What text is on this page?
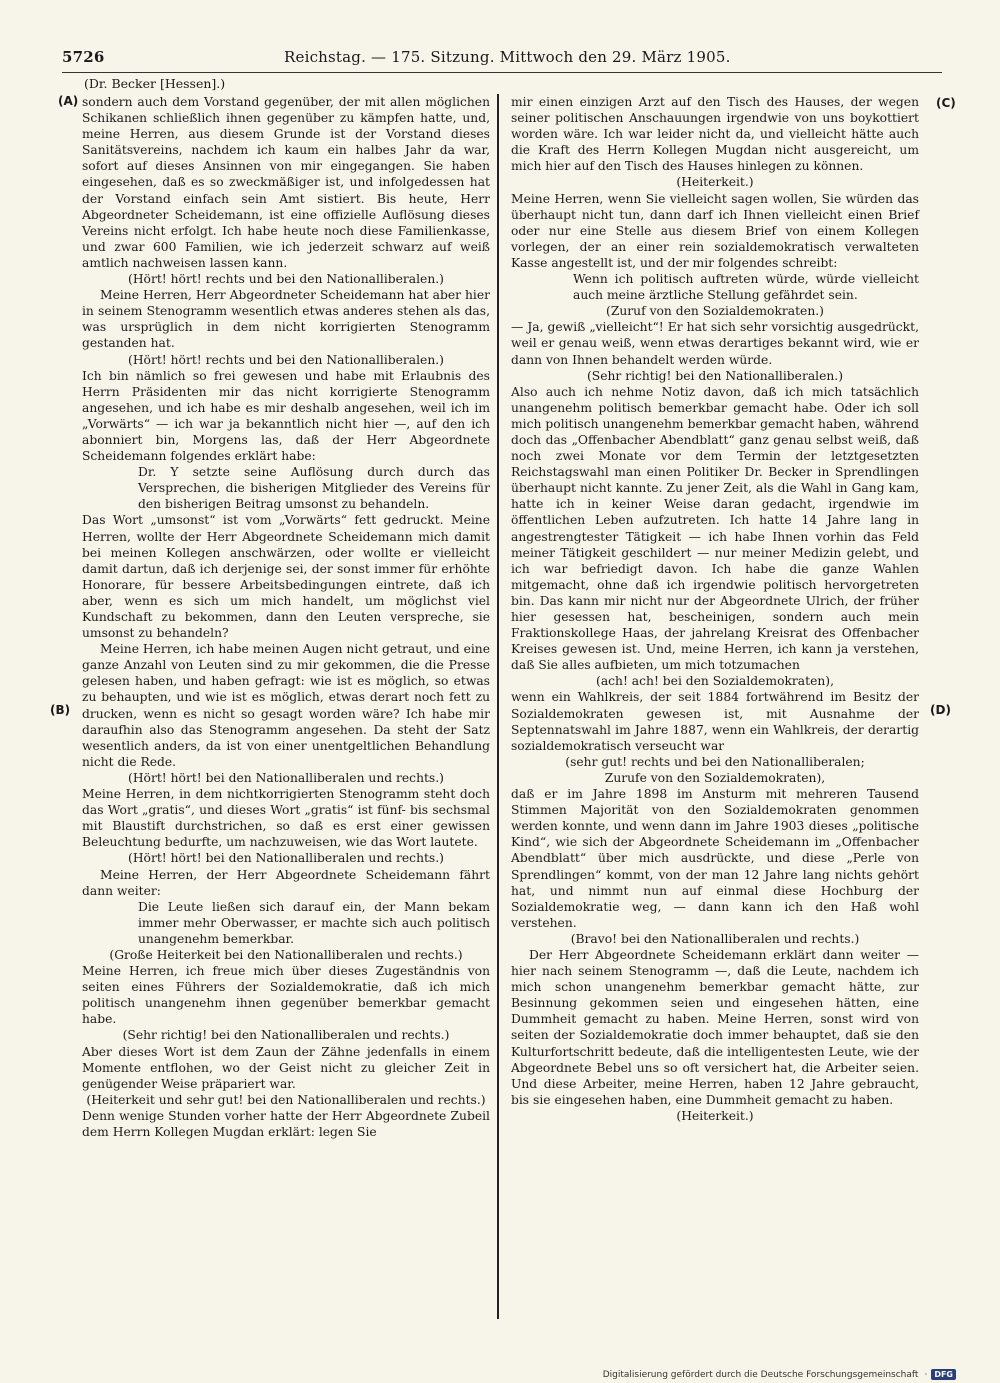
5726	Reichstag. — 175. Sitzung. Mittwoch den 29. März 1905.
(Dr. Becker [Hessen].)
(A)
(B)
(C)
(D)

sondern auch dem Vorstand gegenüber, der mit allen möglichen Schikanen schließlich ihnen gegenüber zu kämpfen hatte, und, meine Herren, aus diesem Grunde ist der Vorstand dieses Sanitätsvereins, nachdem ich kaum ein halbes Jahr da war, sofort auf dieses Ansinnen von mir eingegangen. Sie haben eingesehen, daß es so zweckmäßiger ist, und infolgedessen hat der Vorstand einfach sein Amt sistiert. Bis heute, Herr Abgeordneter Scheidemann, ist eine offizielle Auflösung dieses Vereins nicht erfolgt. Ich habe heute noch diese Familienkasse, und zwar 600 Familien, wie ich jederzeit schwarz auf weiß amtlich nachweisen lassen kann.

(Hört! hört! rechts und bei den Nationalliberalen.)

Meine Herren, Herr Abgeordneter Scheidemann hat aber hier in seinem Stenogramm wesentlich etwas anderes stehen als das, was ursprüglich in dem nicht korrigierten Stenogramm gestanden hat.

(Hört! hört! rechts und bei den Nationalliberalen.)

Ich bin nämlich so frei gewesen und habe mit Erlaubnis des Herrn Präsidenten mir das nicht korrigierte Stenogramm angesehen, und ich habe es mir deshalb angesehen, weil ich im „Vorwärts“ — ich war ja bekanntlich nicht hier —, auf den ich abonniert bin, Morgens las, daß der Herr Abgeordnete Scheidemann folgendes erklärt habe:

Dr. Y setzte seine Auflösung durch durch das Versprechen, die bisherigen Mitglieder des Vereins für den bisherigen Beitrag umsonst zu behandeln.

Das Wort „umsonst“ ist vom „Vorwärts“ fett gedruckt. Meine Herren, wollte der Herr Abgeordnete Scheidemann mich damit bei meinen Kollegen anschwärzen, oder wollte er vielleicht damit dartun, daß ich derjenige sei, der sonst immer für erhöhte Honorare, für bessere Arbeitsbedingungen eintrete, daß ich aber, wenn es sich um mich handelt, um möglichst viel Kundschaft zu bekommen, dann den Leuten verspreche, sie umsonst zu behandeln?

Meine Herren, ich habe meinen Augen nicht getraut, und eine ganze Anzahl von Leuten sind zu mir gekommen, die die Presse gelesen haben, und haben gefragt: wie ist es möglich, so etwas zu behaupten, und wie ist es möglich, etwas derart noch fett zu drucken, wenn es nicht so gesagt worden wäre? Ich habe mir daraufhin also das Stenogramm angesehen. Da steht der Satz wesentlich anders, da ist von einer unentgeltlichen Behandlung nicht die Rede.

(Hört! hört! bei den Nationalliberalen und rechts.)

Meine Herren, in dem nichtkorrigierten Stenogramm steht doch das Wort „gratis“, und dieses Wort „gratis“ ist fünf- bis sechsmal mit Blaustift durchstrichen, so daß es erst einer gewissen Beleuchtung bedurfte, um nachzuweisen, wie das Wort lautete.

(Hört! hört! bei den Nationalliberalen und rechts.)

Meine Herren, der Herr Abgeordnete Scheidemann fährt dann weiter:

Die Leute ließen sich darauf ein, der Mann bekam immer mehr Oberwasser, er machte sich auch politisch unangenehm bemerkbar.

(Große Heiterkeit bei den Nationalliberalen und rechts.)

Meine Herren, ich freue mich über dieses Zugeständnis von seiten eines Führers der Sozialdemokratie, daß ich mich politisch unangenehm ihnen gegenüber bemerkbar gemacht habe.

(Sehr richtig! bei den Nationalliberalen und rechts.)

Aber dieses Wort ist dem Zaun der Zähne jedenfalls in einem Momente entflohen, wo der Geist nicht zu gleicher Zeit in genügender Weise präpariert war.

(Heiterkeit und sehr gut! bei den Nationalliberalen und rechts.)

Denn wenige Stunden vorher hatte der Herr Abgeordnete Zubeil dem Herrn Kollegen Mugdan erklärt: legen Sie

mir einen einzigen Arzt auf den Tisch des Hauses, der wegen seiner politischen Anschauungen irgendwie von uns boykottiert worden wäre. Ich war leider nicht da, und vielleicht hätte auch die Kraft des Herrn Kollegen Mugdan nicht ausgereicht, um mich hier auf den Tisch des Hauses hinlegen zu können.

(Heiterkeit.)

Meine Herren, wenn Sie vielleicht sagen wollen, Sie würden das überhaupt nicht tun, dann darf ich Ihnen vielleicht einen Brief oder nur eine Stelle aus diesem Brief von einem Kollegen vorlegen, der an einer rein sozialdemokratisch verwalteten Kasse angestellt ist, und der mir folgendes schreibt:

Wenn ich politisch auftreten würde, würde vielleicht auch meine ärztliche Stellung gefährdet sein.

(Zuruf von den Sozialdemokraten.)

— Ja, gewiß „vielleicht“! Er hat sich sehr vorsichtig ausgedrückt, weil er genau weiß, wenn etwas derartiges bekannt wird, wie er dann von Ihnen behandelt werden würde.

(Sehr richtig! bei den Nationalliberalen.)

Also auch ich nehme Notiz davon, daß ich mich tatsächlich unangenehm politisch bemerkbar gemacht habe. Oder ich soll mich politisch unangenehm bemerkbar gemacht haben, während doch das „Offenbacher Abendblatt“ ganz genau selbst weiß, daß noch zwei Monate vor dem Termin der letztgesetzten Reichstagswahl man einen Politiker Dr. Becker in Sprendlingen überhaupt nicht kannte. Zu jener Zeit, als die Wahl in Gang kam, hatte ich in keiner Weise daran gedacht, irgendwie im öffentlichen Leben aufzutreten. Ich hatte 14 Jahre lang in angestrengtester Tätigkeit — ich habe Ihnen vorhin das Feld meiner Tätigkeit geschildert — nur meiner Medizin gelebt, und ich war befriedigt davon. Ich habe die ganze Wahlen mitgemacht, ohne daß ich irgendwie politisch hervorgetreten bin. Das kann mir nicht nur der Abgeordnete Ulrich, der früher hier gesessen hat, bescheinigen, sondern auch mein Fraktionskollege Haas, der jahrelang Kreisrat des Offenbacher Kreises gewesen ist. Und, meine Herren, ich kann ja verstehen, daß Sie alles aufbieten, um mich totzumachen

(ach! ach! bei den Sozialdemokraten),

wenn ein Wahlkreis, der seit 1884 fortwährend im Besitz der Sozialdemokraten gewesen ist, mit Ausnahme der Septennatswahl im Jahre 1887, wenn ein Wahlkreis, der derartig sozialdemokratisch verseucht war

(sehr gut! rechts und bei den Nationalliberalen;

Zurufe von den Sozialdemokraten),

daß er im Jahre 1898 im Ansturm mit mehreren Tausend Stimmen Majorität von den Sozialdemokraten genommen werden konnte, und wenn dann im Jahre 1903 dieses „politische Kind“, wie sich der Abgeordnete Scheidemann im „Offenbacher Abendblatt“ über mich ausdrückte, und diese „Perle von Sprendlingen“ kommt, von der man 12 Jahre lang nichts gehört hat, und nimmt nun auf einmal diese Hochburg der Sozialdemokratie weg, — dann kann ich den Haß wohl verstehen.

(Bravo! bei den Nationalliberalen und rechts.)

Der Herr Abgeordnete Scheidemann erklärt dann weiter — hier nach seinem Stenogramm —, daß die Leute, nachdem ich mich schon unangenehm bemerkbar gemacht hätte, zur Besinnung gekommen seien und eingesehen hätten, eine Dummheit gemacht zu haben. Meine Herren, sonst wird von seiten der Sozialdemokratie doch immer behauptet, daß sie den Kulturfortschritt bedeute, daß die intelligentesten Leute, wie der Abgeordnete Bebel uns so oft versichert hat, die Arbeiter seien. Und diese Arbeiter, meine Herren, haben 12 Jahre gebraucht, bis sie eingesehen haben, eine Dummheit gemacht zu haben.

(Heiterkeit.)

Digitalisierung gefördert durch die Deutsche Forschungsgemeinschaft · DFG
